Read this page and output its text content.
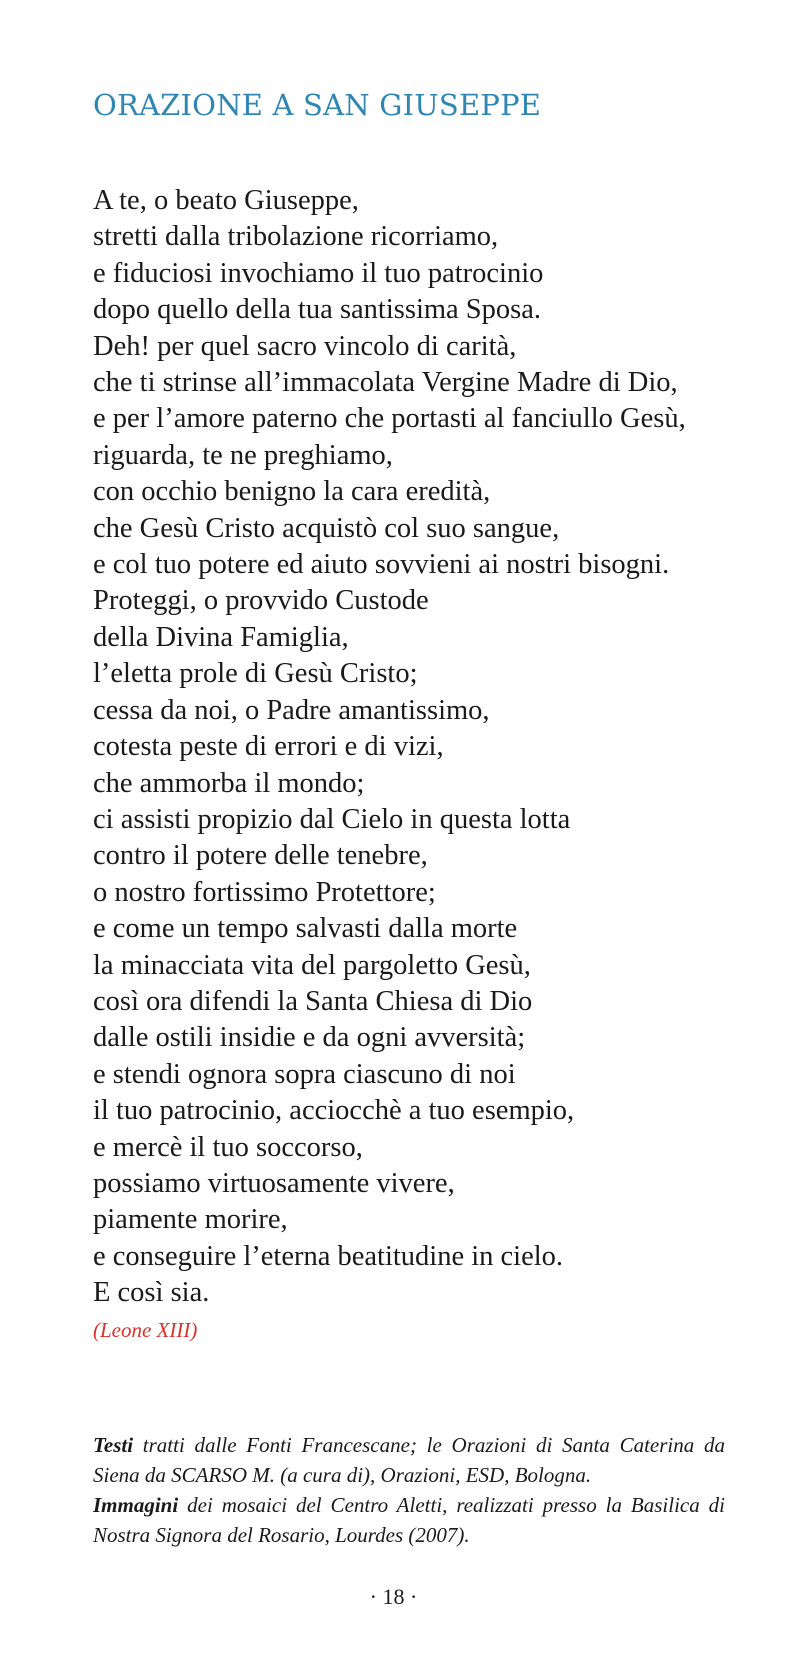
ORAZIONE A SAN GIUSEPPE
A te, o beato Giuseppe,
stretti dalla tribolazione ricorriamo,
e fiduciosi invochiamo il tuo patrocinio
dopo quello della tua santissima Sposa.
Deh! per quel sacro vincolo di carità,
che ti strinse all’immacolata Vergine Madre di Dio,
e per l’amore paterno che portasti al fanciullo Gesù,
riguarda, te ne preghiamo,
con occhio benigno la cara eredità,
che Gesù Cristo acquistò col suo sangue,
e col tuo potere ed aiuto sovvieni ai nostri bisogni.
Proteggi, o provvido Custode
della Divina Famiglia,
l’eletta prole di Gesù Cristo;
cessa da noi, o Padre amantissimo,
cotesta peste di errori e di vizi,
che ammorba il mondo;
ci assisti propizio dal Cielo in questa lotta
contro il potere delle tenebre,
o nostro fortissimo Protettore;
e come un tempo salvasti dalla morte
la minacciata vita del pargoletto Gesù,
così ora difendi la Santa Chiesa di Dio
dalle ostili insidie e da ogni avversità;
e stendi ognora sopra ciascuno di noi
il tuo patrocinio, acciocchè a tuo esempio,
e mercè il tuo soccorso,
possiamo virtuosamente vivere,
piamente morire,
e conseguire l’eterna beatitudine in cielo.
E così sia.
(Leone XIII)

Testi tratti dalle Fonti Francescane; le Orazioni di Santa Caterina da Siena da SCARSO M. (a cura di), Orazioni, ESD, Bologna.

Immagini dei mosaici del Centro Aletti, realizzati presso la Basilica di Nostra Signora del Rosario, Lourdes (2007).

· 18 ·
